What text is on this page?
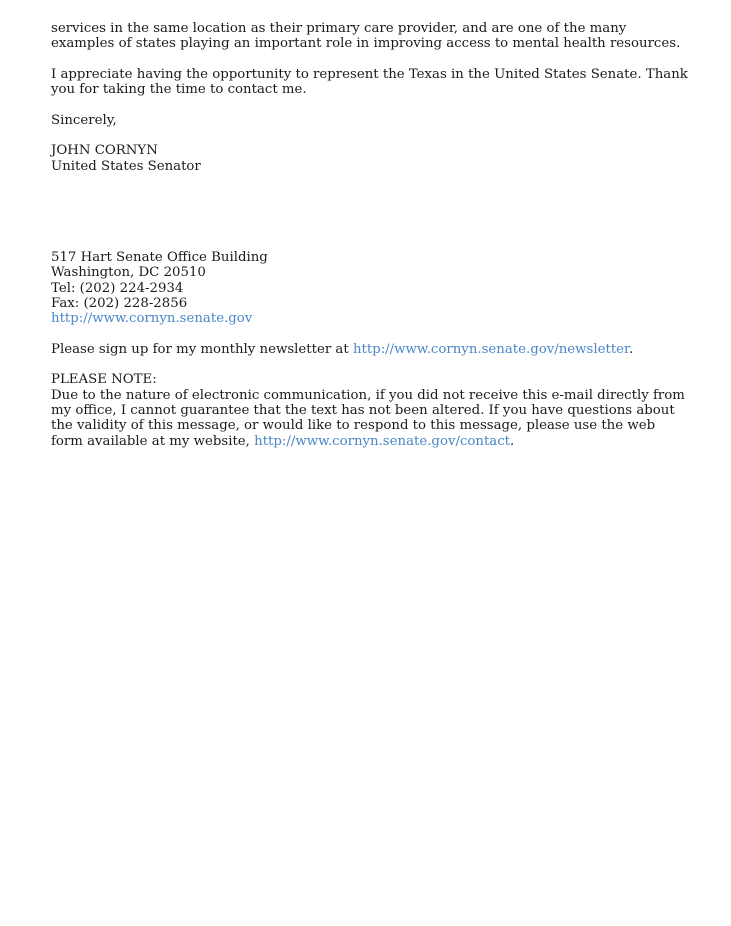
services in the same location as their primary care provider, and are one of the many examples of states playing an important role in improving access to mental health resources.

I appreciate having the opportunity to represent the Texas in the United States Senate. Thank you for taking the time to contact me.

Sincerely,

JOHN CORNYN
United States Senator

517 Hart Senate Office Building
Washington, DC 20510
Tel: (202) 224-2934
Fax: (202) 228-2856
http://www.cornyn.senate.gov

Please sign up for my monthly newsletter at http://www.cornyn.senate.gov/newsletter.

PLEASE NOTE:
Due to the nature of electronic communication, if you did not receive this e-mail directly from my office, I cannot guarantee that the text has not been altered. If you have questions about the validity of this message, or would like to respond to this message, please use the web form available at my website, http://www.cornyn.senate.gov/contact.
